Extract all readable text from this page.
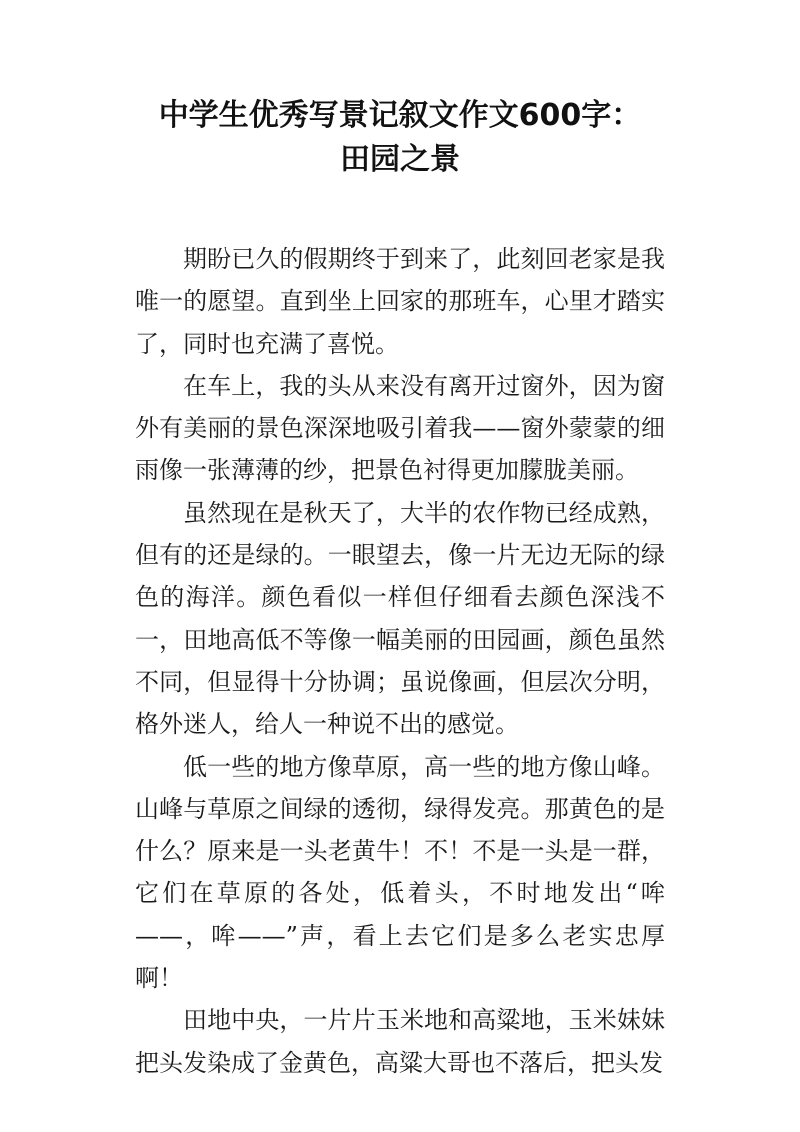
中学生优秀写景记叙文作文600字：
田园之景

期盼已久的假期终于到来了，此刻回老家是我唯一的愿望。直到坐上回家的那班车，心里才踏实了，同时也充满了喜悦。

在车上，我的头从来没有离开过窗外，因为窗外有美丽的景色深深地吸引着我——窗外蒙蒙的细雨像一张薄薄的纱，把景色衬得更加朦胧美丽。

虽然现在是秋天了，大半的农作物已经成熟，但有的还是绿的。一眼望去，像一片无边无际的绿色的海洋。颜色看似一样但仔细看去颜色深浅不一，田地高低不等像一幅美丽的田园画，颜色虽然不同，但显得十分协调；虽说像画，但层次分明，格外迷人，给人一种说不出的感觉。

低一些的地方像草原，高一些的地方像山峰。山峰与草原之间绿的透彻，绿得发亮。那黄色的是什么？原来是一头老黄牛！不！不是一头是一群，它们在草原的各处，低着头，不时地发出“哞——，哞——”声，看上去它们是多么老实忠厚啊！

田地中央，一片片玉米地和高粱地，玉米妹妹把头发染成了金黄色，高粱大哥也不落后，把头发
